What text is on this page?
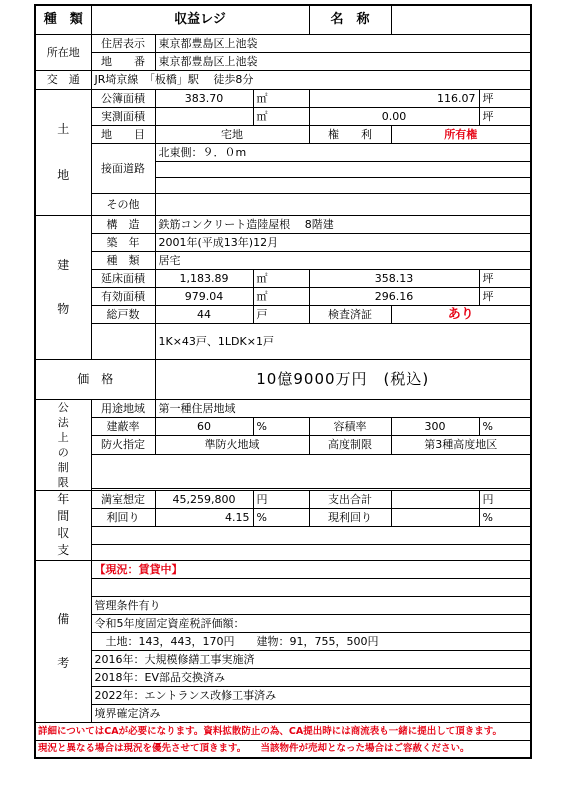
種　類	収益レジ			名　称		
所在地	住居表示	東京都豊島区上池袋				
	地　　番	東京都豊島区上池袋				
交　通	JR埼京線　「板橋」駅　 徒歩8分					

土
地	公簿面積	383.70	㎡	116.07		坪
	実測面積		㎡	0.00		坪
	地　　目	宅地		権　　利	所有権	
	接面道路	北東側：９．０m				

	その他					

建
物	構　造	鉄筋コンクリート造陸屋根　 8階建				
	築　年	2001年(平成13年)12月				
	種　類	居宅				
	延床面積	1,183.89	㎡	358.13		坪
	有効面積	979.04	㎡	296.16		坪
	総戸数	44	戸	検査済証	あり	
		1K×43戸、1LDK×1戸				

価　格		10億9000万円　(税込)				
公法上の制限	用途地域	第一種住居地域				
	建蔽率	60	%	容積率	300	%
	防火指定	準防火地域		高度制限	第3種高度地区	

年間収支	満室想定	45,259,800	円	支出合計		円
	利回り	4.15	%	現利回り		%

備
考	【現況：賃貸中】					

	管理条件有り					
	令和5年度固定資産税評価額：					
	　土地：143，443，170円　　建物：91，755，500円					
	2016年：大規模修繕工事実施済					
	2018年：EV部品交換済み					
	2022年：エントランス改修工事済み					
	境界確定済み					
詳細についてはCAが必要になります。資料拡散防止の為、CA提出時には商流表も一緒に提出して頂きます。						
現況と異なる場合は現況を優先させて頂きます。　　当該物件が売却となった場合はご容赦ください。						
